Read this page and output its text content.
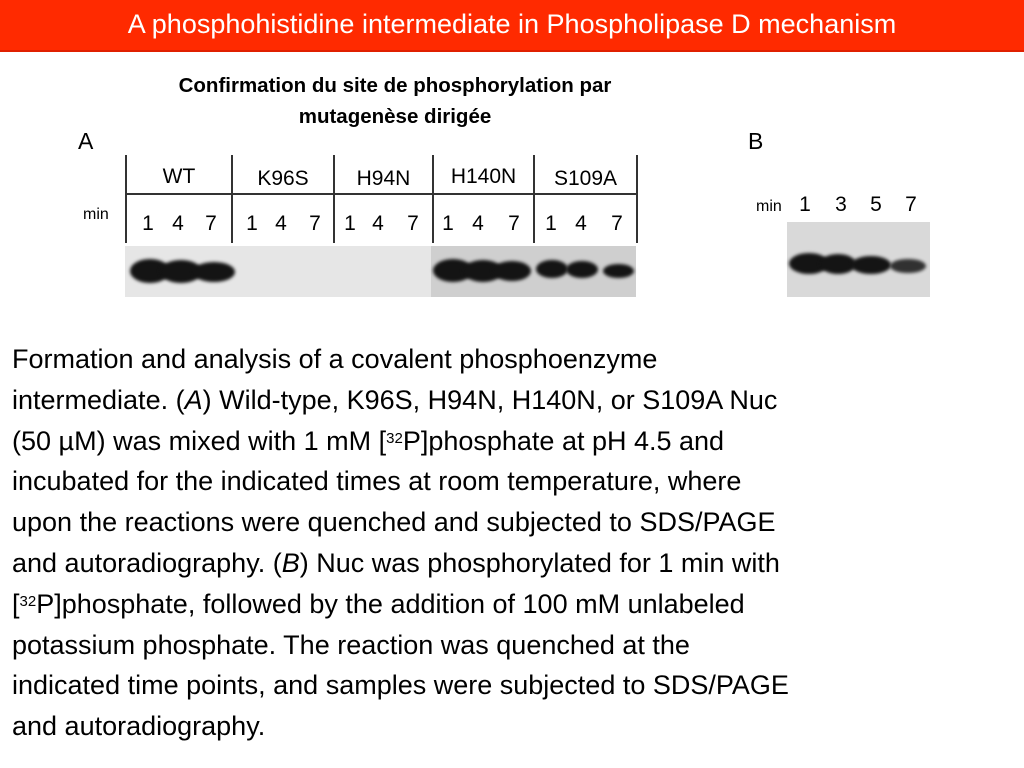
A phosphohistidine intermediate in Phospholipase D mechanism
Confirmation du site de phosphorylation par
mutagenèse dirigée
A
min
WT	K96S	H94N	H140N	S109A
1 4 7 1 4 7 1 4 7 1 4 7 1 4 7
B
min 1 3 5 7

Formation and analysis of a covalent phosphoenzyme

intermediate. (A) Wild-type, K96S, H94N, H140N, or S109A Nuc

(50 µM) was mixed with 1 mM [$^{32}$P]phosphate at pH 4.5 and

incubated for the indicated times at room temperature, where

upon the reactions were quenched and subjected to SDS/PAGE

and autoradiography. (B) Nuc was phosphorylated for 1 min with

[$^{32}$P]phosphate, followed by the addition of 100 mM unlabeled

potassium phosphate. The reaction was quenched at the

indicated time points, and samples were subjected to SDS/PAGE

and autoradiography.
